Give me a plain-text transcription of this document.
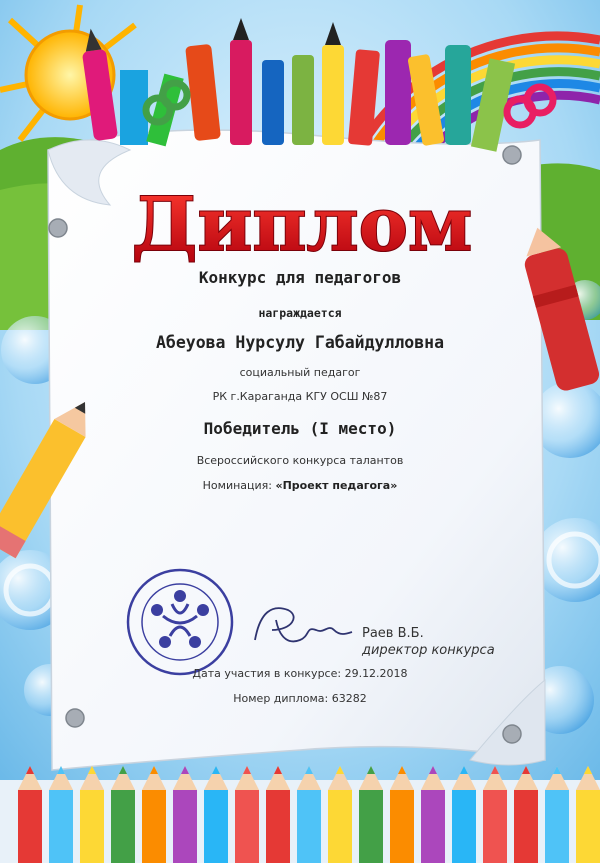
Диплом
Конкурс для педагогов
награждается
Абеуова Нурсулу Габайдулловна
социальный педагог
РК г.Караганда КГУ ОСШ №87
Победитель (I место)
Всероссийского конкурса талантов
Номинация: «Проект педагога»
Раев В.Б.
директор конкурса
Дата участия в конкурсе: 29.12.2018
Номер диплома: 63282
